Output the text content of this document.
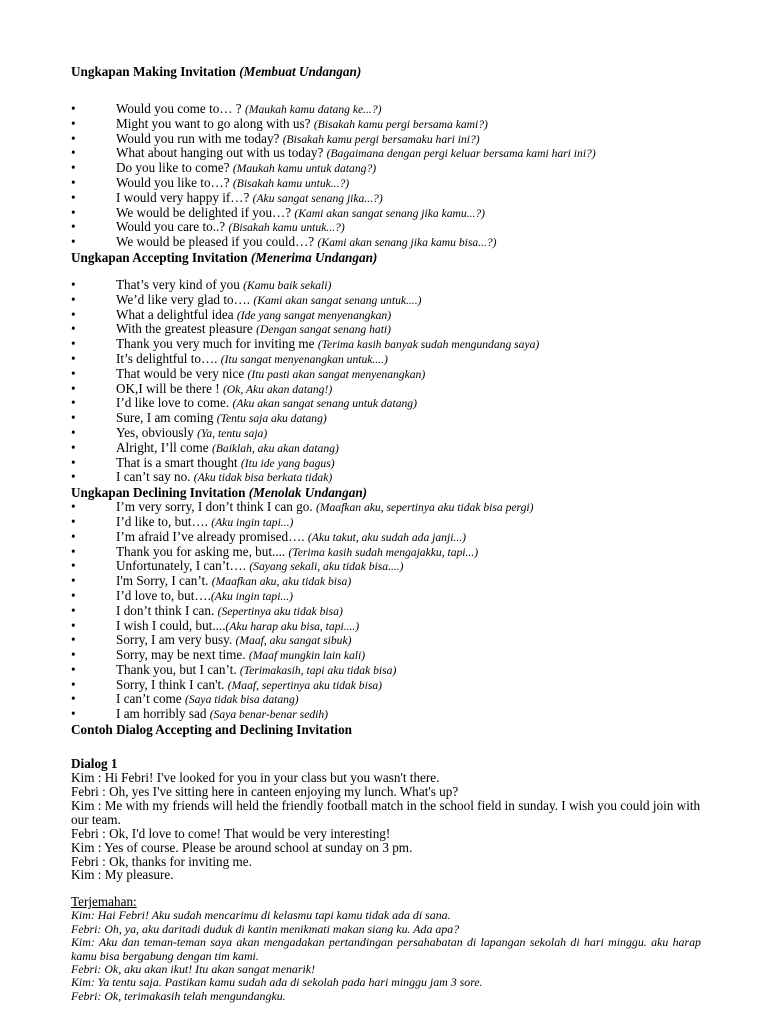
Ungkapan Making Invitation (Membuat Undangan)
• Would you come to… ? (Maukah kamu datang ke...?)
• Might you want to go along with us? (Bisakah kamu pergi bersama kami?)
• Would you run with me today? (Bisakah kamu pergi bersamaku hari ini?)
• What about hanging out with us today? (Bagaimana dengan pergi keluar bersama kami hari ini?)
• Do you like to come? (Maukah kamu untuk datang?)
• Would you like to…? (Bisakah kamu untuk...?)
• I would very happy if…? (Aku sangat senang jika...?)
• We would be delighted if you…? (Kami akan sangat senang jika kamu...?)
• Would you care to..? (Bisakah kamu untuk...?)
• We would be pleased if you could…? (Kami akan senang jika kamu bisa...?)
Ungkapan Accepting Invitation (Menerima Undangan)
• That’s very kind of you (Kamu baik sekali)
• We’d like very glad to…. (Kami akan sangat senang untuk....)
• What a delightful idea (Ide yang sangat menyenangkan)
• With the greatest pleasure (Dengan sangat senang hati)
• Thank you very much for inviting me (Terima kasih banyak sudah mengundang saya)
• It’s delightful to…. (Itu sangat menyenangkan untuk....)
• That would be very nice (Itu pasti akan sangat menyenangkan)
• OK,I will be there ! (Ok, Aku akan datang!)
• I’d like love to come. (Aku akan sangat senang untuk datang)
• Sure, I am coming (Tentu saja aku datang)
• Yes, obviously (Ya, tentu saja)
• Alright, I’ll come (Baiklah, aku akan datang)
• That is a smart thought (Itu ide yang bagus)
• I can’t say no. (Aku tidak bisa berkata tidak)
Ungkapan Declining Invitation (Menolak Undangan)
• I’m very sorry, I don’t think I can go. (Maafkan aku, sepertinya aku tidak bisa pergi)
• I’d like to, but…. (Aku ingin tapi...)
• I’m afraid I’ve already promised…. (Aku takut, aku sudah ada janji...)
• Thank you for asking me, but.... (Terima kasih sudah mengajakku, tapi...)
• Unfortunately, I can’t…. (Sayang sekali, aku tidak bisa....)
• I'm Sorry, I can’t. (Maafkan aku, aku tidak bisa)
• I’d love to, but….(Aku ingin tapi...)
• I don’t think I can. (Sepertinya aku tidak bisa)
• I wish I could, but....(Aku harap aku bisa, tapi....)
• Sorry, I am very busy. (Maaf, aku sangat sibuk)
• Sorry, may be next time. (Maaf mungkin lain kali)
• Thank you, but I can’t. (Terimakasih, tapi aku tidak bisa)
• Sorry, I think I can't. (Maaf, sepertinya aku tidak bisa)
• I can’t come (Saya tidak bisa datang)
• I am horribly sad (Saya benar-benar sedih)
Contoh Dialog Accepting and Declining Invitation
Dialog 1

Kim : Hi Febri! I've looked for you in your class but you wasn't there.

Febri : Oh, yes I've sitting here in canteen enjoying my lunch. What's up?

Kim : Me with my friends will held the friendly football match in the school field in sunday. I wish you could join with our team.

Febri : Ok, I'd love to come! That would be very interesting!

Kim : Yes of course. Please be around school at sunday on 3 pm.

Febri : Ok, thanks for inviting me.

Kim : My pleasure.

Terjemahan:

Kim: Hai Febri! Aku sudah mencarimu di kelasmu tapi kamu tidak ada di sana.

Febri: Oh, ya, aku daritadi duduk di kantin menikmati makan siang ku. Ada apa?

Kim: Aku dan teman-teman saya akan mengadakan pertandingan persahabatan di lapangan sekolah di hari minggu. aku harap kamu bisa bergabung dengan tim kami.

Febri: Ok, aku akan ikut! Itu akan sangat menarik!

Kim: Ya tentu saja. Pastikan kamu sudah ada di sekolah pada hari minggu jam 3 sore.

Febri: Ok, terimakasih telah mengundangku.
